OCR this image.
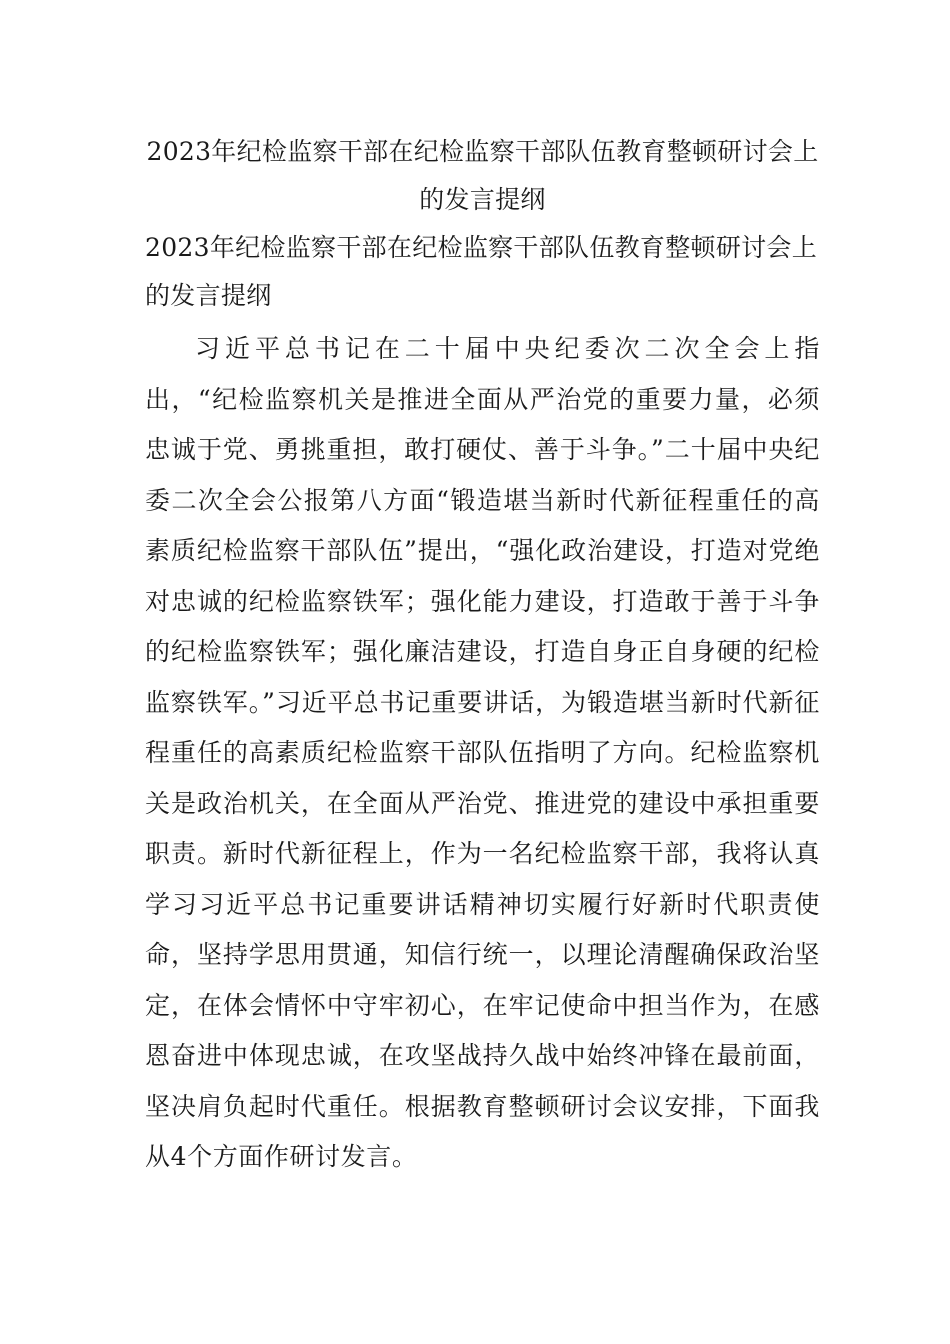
2023年纪检监察干部在纪检监察干部队伍教育整顿研讨会上的发言提纲
2023年纪检监察干部在纪检监察干部队伍教育整顿研讨会上的发言提纲

习近平总书记在二十届中央纪委次二次全会上指出，“纪检监察机关是推进全面从严治党的重要力量，必须忠诚于党、勇挑重担，敢打硬仗、善于斗争。”二十届中央纪委二次全会公报第八方面“锻造堪当新时代新征程重任的高素质纪检监察干部队伍”提出，“强化政治建设，打造对党绝对忠诚的纪检监察铁军；强化能力建设，打造敢于善于斗争的纪检监察铁军；强化廉洁建设，打造自身正自身硬的纪检监察铁军。”习近平总书记重要讲话，为锻造堪当新时代新征程重任的高素质纪检监察干部队伍指明了方向。纪检监察机关是政治机关，在全面从严治党、推进党的建设中承担重要职责。新时代新征程上，作为一名纪检监察干部，我将认真学习习近平总书记重要讲话精神切实履行好新时代职责使命，坚持学思用贯通，知信行统一，以理论清醒确保政治坚定，在体会情怀中守牢初心，在牢记使命中担当作为，在感恩奋进中体现忠诚，在攻坚战持久战中始终冲锋在最前面，坚决肩负起时代重任。根据教育整顿研讨会议安排，下面我从4个方面作研讨发言。
